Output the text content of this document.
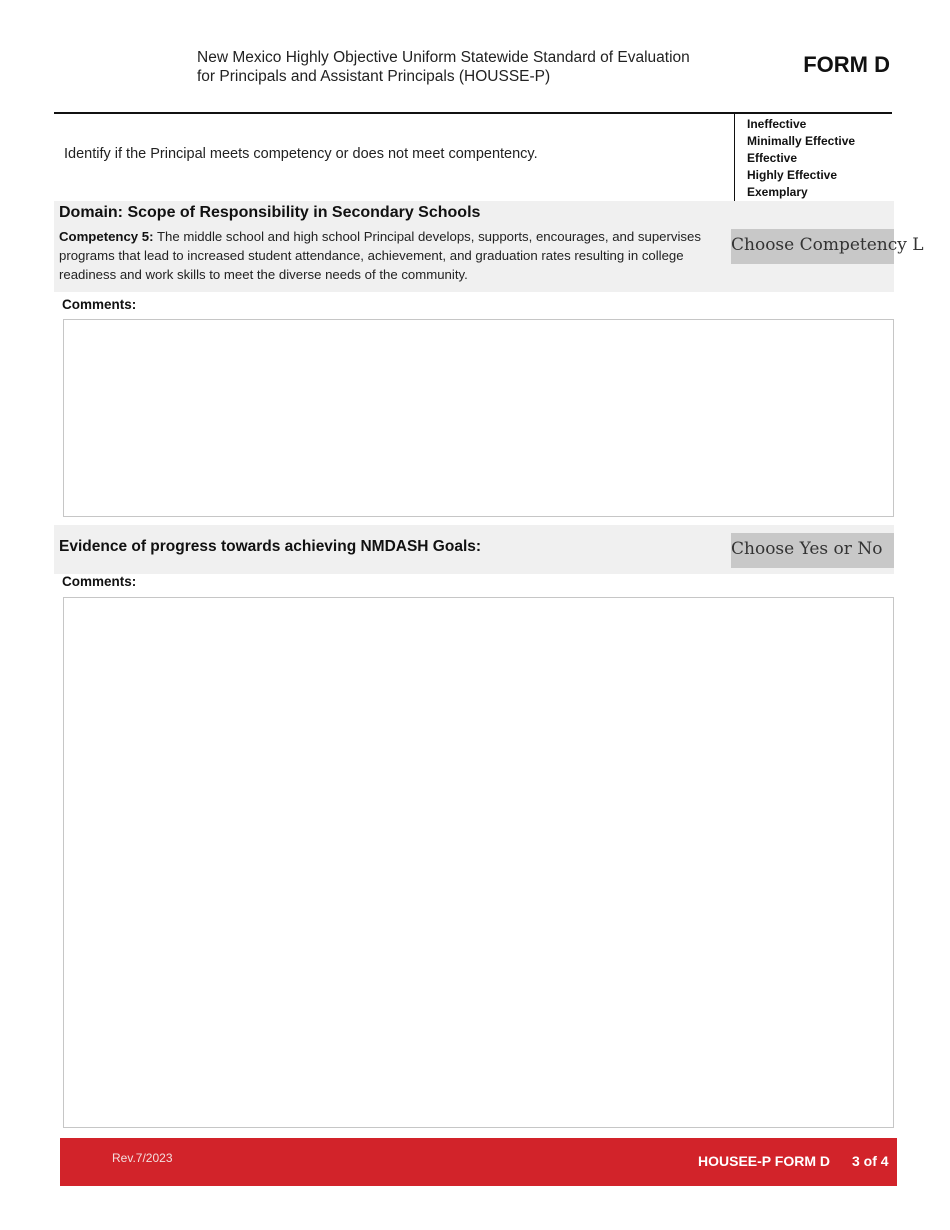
New Mexico Highly Objective Uniform Statewide Standard of Evaluation
for Principals and Assistant Principals (HOUSSE-P)	FORM D
Ineffective
Minimally Effective
Effective
Highly Effective
Exemplary
Identify if the Principal meets competency or does not meet compentency.
Domain: Scope of Responsibility in Secondary Schools
Competency 5: The middle school and high school Principal develops, supports, encourages, and supervises programs that lead to increased student attendance, achievement, and graduation rates resulting in college readiness and work skills to meet the diverse needs of the community.
Choose Competency L
Comments:
Evidence of progress towards achieving NMDASH Goals:	Choose Yes or No
Comments:
Rev.7/2023	HOUSEE-P FORM D 3 of 4
